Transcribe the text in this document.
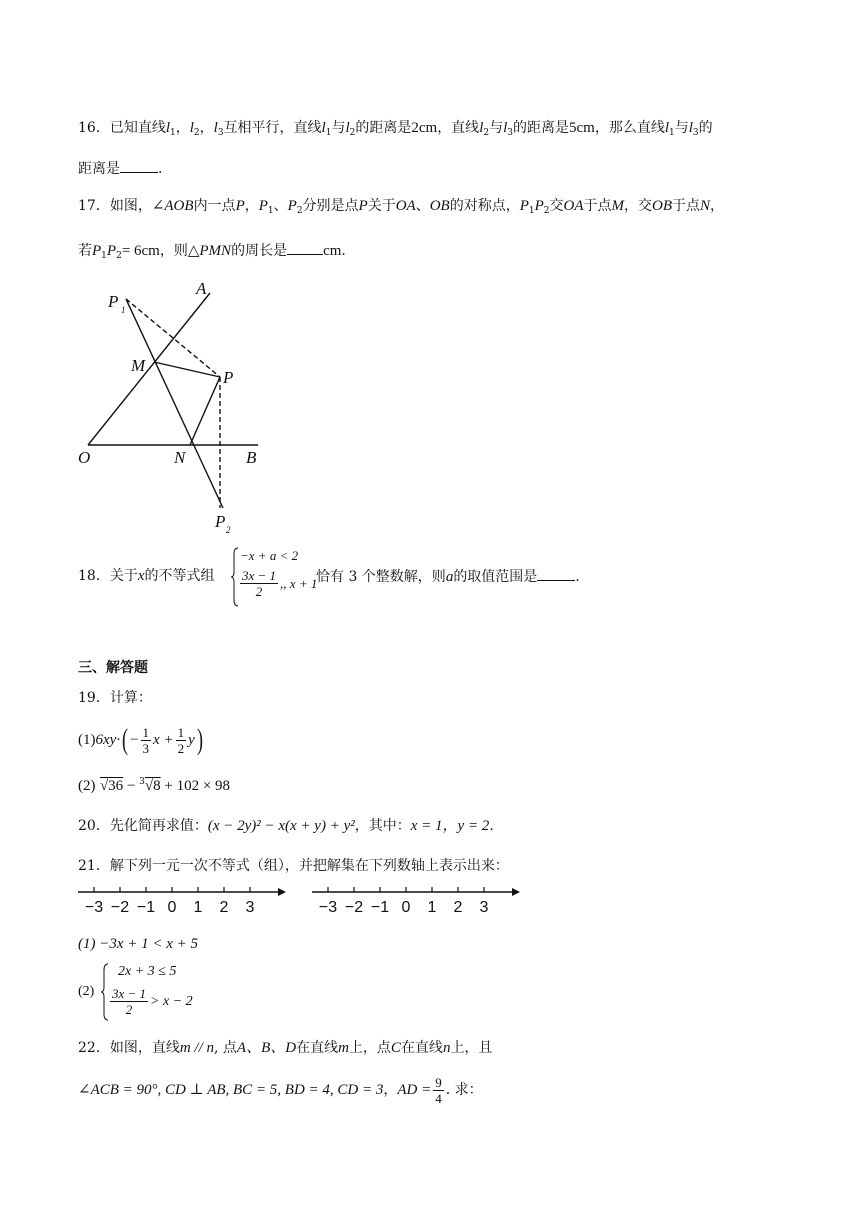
16．已知直线$l_1$，$l_2$，$l_3$互相平行，直线$l_1$与$l_2$的距离是2cm，直线$l_2$与$l_3$的距离是5cm，那么直线$l_1$与$l_3$的
距离是	.
17．如图，∠AOB内一点P，$P_1$、$P_2$分别是点P关于OA、OB的对称点，$P_1P_2$交OA于点M，交OB于点N，
若$P_1P_2= 6cm$，则△PMN的周长是 cm.
P 1
A
M
P
O	N	B
P 2
18．关于x的不等式组
−x + a < 2
$\frac{3x - 1}{2}$ ,, x + 1
恰有 3 个整数解，则a的取值范围是	.
三、解答题
19．计算：
(1) 6xy· ( − $\frac{1}{3}$ $x + \frac{1}{2}$ y )
(2) √36 − $^3$√8 + 102 × 98
20．先化简再求值：(x − 2y)² − x(x + y) + y²，其中：x = 1，y = 2.
21．解下列一元一次不等式（组），并把解集在下列数轴上表示出来：
−3 −2 −1 0 1 2 3	−3 −2 −1 0 1 2 3
(1) −3x + 1 < x + 5
(2)
2x + 3 ≤ 5
$\frac{3x - 1}{2} > x - 2$
22．如图，直线m // n, 点A、B、D在直线m上，点C在直线n上，且
∠ACB = 90°, CD ⊥ AB, BC = 5, BD = 4, CD = 3 ， AD = $\frac{9}{4}$ . 求：
